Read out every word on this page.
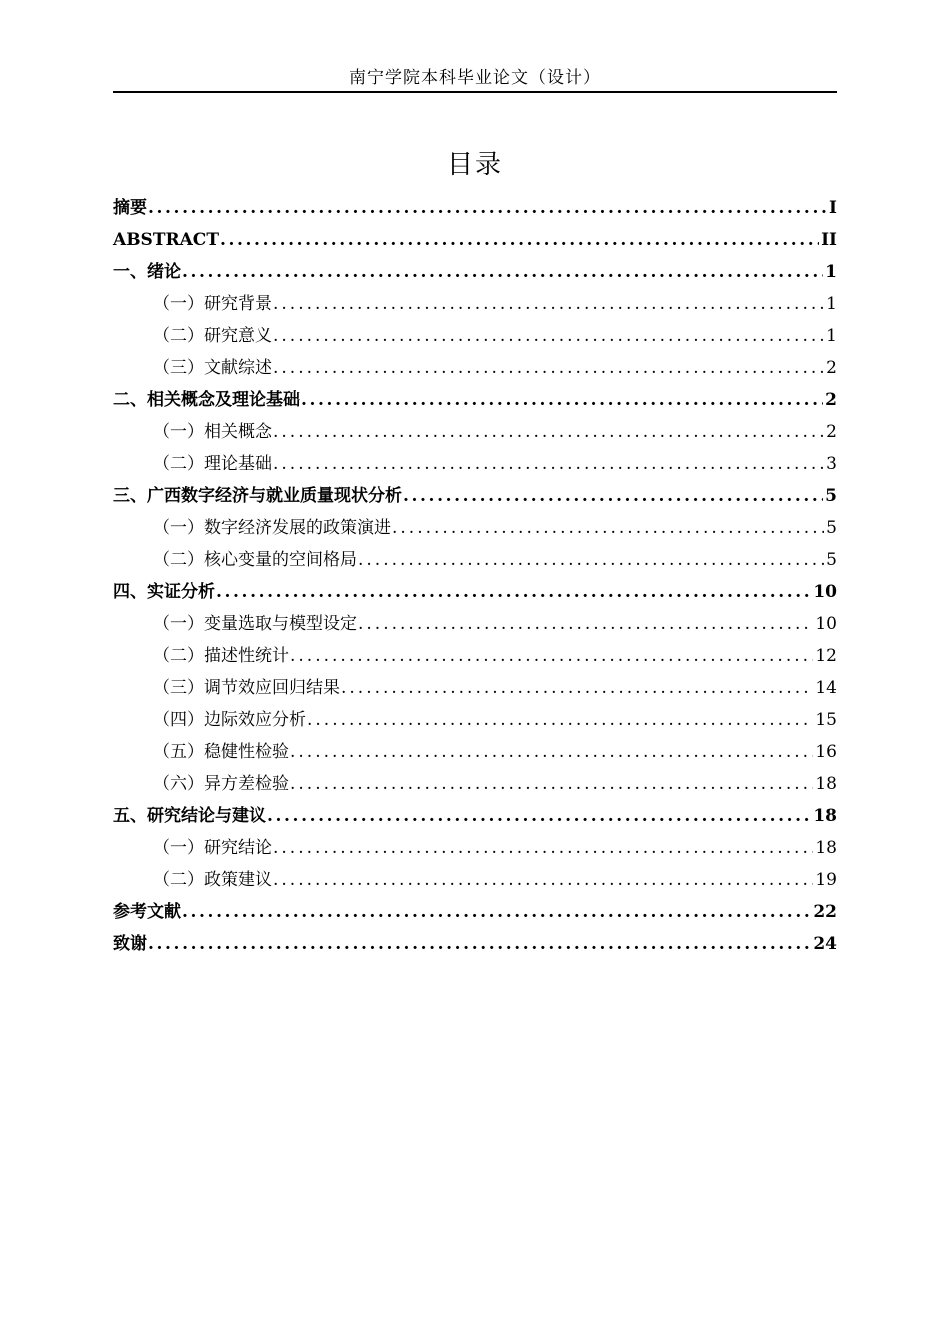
南宁学院本科毕业论文（设计）
目录
摘要 .....	I
ABSTRACT .....	II
一、 绪论 .....	1
（一） 研究背景 .....	1
（二） 研究意义 .....	1
（三） 文献综述 .....	2
二、 相关概念及理论基础 .....	2
（一） 相关概念 .....	2
（二） 理论基础 .....	3
三、 广西数字经济与就业质量现状分析 .....	5
（一） 数字经济发展的政策演进 .....	5
（二） 核心变量的空间格局 .....	5
四、 实证分析 .....	10
（一） 变量选取与模型设定 .....	10
（二） 描述性统计 .....	12
（三） 调节效应回归结果 .....	14
（四） 边际效应分析 .....	15
（五） 稳健性检验 .....	16
（六） 异方差检验 .....	18
五、 研究结论与建议 .....	18
（一） 研究结论 .....	18
（二） 政策建议 .....	19
参考文献 .....	22
致谢 .....	24
